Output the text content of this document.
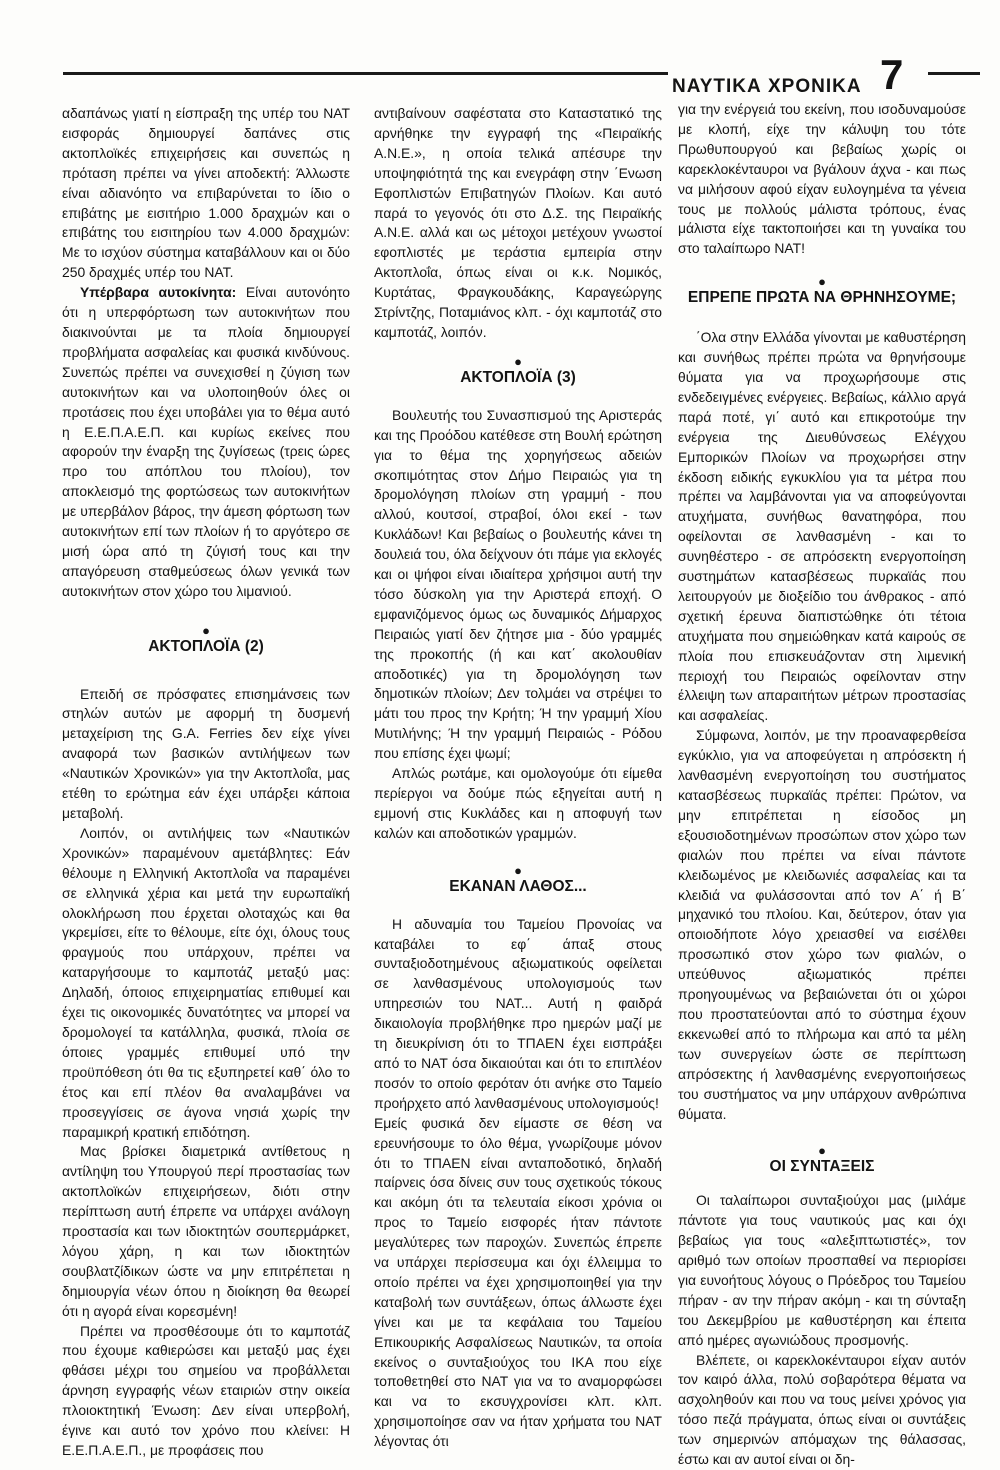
ΝΑΥΤΙΚΑ ΧΡΟΝΙΚΑ 7

αδαπάνως γιατί η είσπραξη της υπέρ του ΝΑΤ εισφοράς δημιουργεί δαπάνες στις ακτοπλοϊκές επιχειρήσεις και συνεπώς η πρόταση πρέπει να γίνει αποδεκτή: Άλλωστε είναι αδιανόητο να επιβαρύνεται το ίδιο ο επιβάτης με εισιτήριο 1.000 δραχμών και ο επιβάτης του εισιτηρίου των 4.000 δραχμών: Με το ισχύον σύστημα καταβάλλουν και οι δύο 250 δραχμές υπέρ του ΝΑΤ.

Υπέρβαρα αυτοκίνητα: Είναι αυτονόητο ότι η υπερφόρτωση των αυτοκινήτων που διακινούνται με τα πλοία δημιουργεί προβλήματα ασφαλείας και φυσικά κινδύνους. Συνεπώς πρέπει να συνεχισθεί η ζύγιση των αυτοκινήτων και να υλοποιηθούν όλες οι προτάσεις που έχει υποβάλει για το θέμα αυτό η Ε.Ε.Π.Α.Ε.Π. και κυρίως εκείνες που αφορούν την έναρξη της ζυγίσεως (τρεις ώρες προ του απόπλου του πλοίου), τον αποκλεισμό της φορτώσεως των αυτοκινήτων με υπερβάλον βάρος, την άμεση φόρτωση των αυτοκινήτων επί των πλοίων ή το αργότερο σε μισή ώρα από τη ζύγισή τους και την απαγόρευση σταθμεύσεως όλων γενικά των αυτοκινήτων στον χώρο του λιμανιού.

●

ΑΚΤΟΠΛΟΪΑ (2)

Επειδή σε πρόσφατες επισημάνσεις των στηλών αυτών με αφορμή τη δυσμενή μεταχείριση της G.A. Ferries δεν είχε γίνει αναφορά των βασικών αντιλήψεων των «Ναυτικών Χρονικών» για την Ακτοπλοΐα, μας ετέθη το ερώτημα εάν έχει υπάρξει κάποια μεταβολή.

Λοιπόν, οι αντιλήψεις των «Ναυτικών Χρονικών» παραμένουν αμετάβλητες: Εάν θέλουμε η Ελληνική Ακτοπλοΐα να παραμένει σε ελληνικά χέρια και μετά την ευρωπαϊκή ολοκλήρωση που έρχεται ολοταχώς και θα γκρεμίσει, είτε το θέλουμε, είτε όχι, όλους τους φραγμούς που υπάρχουν, πρέπει να καταργήσουμε το καμποτάζ μεταξύ μας: Δηλαδή, όποιος επιχειρηματίας επιθυμεί και έχει τις οικονομικές δυνατότητες να μπορεί να δρομολογεί τα κατάλληλα, φυσικά, πλοία σε όποιες γραμμές επιθυμεί υπό την προϋπόθεση ότι θα τις εξυπηρετεί καθ΄ όλο το έτος και επί πλέον θα αναλαμβάνει να προσεγγίσεις σε άγονα νησιά χωρίς την παραμικρή κρατική επιδότηση.

Μας βρίσκει διαμετρικά αντίθετους η αντίληψη του Υπουργού περί προστασίας των ακτοπλοϊκών επιχειρήσεων, διότι στην περίπτωση αυτή έπρεπε να υπάρχει ανάλογη προστασία και των ιδιοκτητών σουπερμάρκετ, λόγου χάρη, η και των ιδιοκτητών σουβλατζίδικων ώστε να μην επιτρέπεται η δημιουργία νέων όπου η διοίκηση θα θεωρεί ότι η αγορά είναι κορεσμένη!

Πρέπει να προσθέσουμε ότι το καμποτάζ που έχουμε καθιερώσει και μεταξύ μας έχει φθάσει μέχρι του σημείου να προβάλλεται άρνηση εγγραφής νέων εταιριών στην οικεία πλοιοκτητική Ένωση: Δεν είναι υπερβολή, έγινε και αυτό τον χρόνο που κλείνει: Η Ε.Ε.Π.Α.Ε.Π., με προφάσεις που

αντιβαίνουν σαφέστατα στο Καταστατικό της αρνήθηκε την εγγραφή της «Πειραϊκής Α.Ν.Ε.», η οποία τελικά απέσυρε την υποψηφιότητά της και ενεγράφη στην ΄Ενωση Εφοπλιστών Επιβατηγών Πλοίων. Και αυτό παρά το γεγονός ότι στο Δ.Σ. της Πειραϊκής Α.Ν.Ε. αλλά και ως μέτοχοι μετέχουν γνωστοί εφοπλιστές με τεράστια εμπειρία στην Ακτοπλοΐα, όπως είναι οι κ.κ. Νομικός, Κυρτάτας, Φραγκουδάκης, Καραγεώργης Στρίντζης, Ποταμιάνος κλπ. - όχι καμποτάζ στο καμποτάζ, λοιπόν.

●

ΑΚΤΟΠΛΟΪΑ (3)

Βουλευτής του Συνασπισμού της Αριστεράς και της Προόδου κατέθεσε στη Βουλή ερώτηση για το θέμα της χορηγήσεως αδειών σκοπιμότητας στον Δήμο Πειραιώς για τη δρομολόγηση πλοίων στη γραμμή - που αλλού, κουτσοί, στραβοί, όλοι εκεί - των Κυκλάδων! Και βεβαίως ο βουλευτής κάνει τη δουλειά του, όλα δείχνουν ότι πάμε για εκλογές και οι ψήφοι είναι ιδιαίτερα χρήσιμοι αυτή την τόσο δύσκολη για την Αριστερά εποχή. Ο εμφανιζόμενος όμως ως δυναμικός Δήμαρχος Πειραιώς γιατί δεν ζήτησε μια - δύο γραμμές της προκοπής (ή και κατ΄ ακολουθίαν αποδοτικές) για τη δρομολόγηση των δημοτικών πλοίων; Δεν τολμάει να στρέψει το μάτι του προς την Κρήτη; Ή την γραμμή Χίου Μυτιλήνης; Ή την γραμμή Πειραιώς - Ρόδου που επίσης έχει ψωμί;

Απλώς ρωτάμε, και ομολογούμε ότι είμεθα περίεργοι να δούμε πώς εξηγείται αυτή η εμμονή στις Κυκλάδες και η αποφυγή των καλών και αποδοτικών γραμμών.

●

ΕΚΑΝΑΝ ΛΑΘΟΣ...

Η αδυναμία του Ταμείου Προνοίας να καταβάλει το εφ΄ άπαξ στους συνταξιοδοτημένους αξιωματικούς οφείλεται σε λανθασμένους υπολογισμούς των υπηρεσιών του ΝΑΤ... Αυτή η φαιδρά δικαιολογία προβλήθηκε προ ημερών μαζί με τη διευκρίνιση ότι το ΤΠΑΕΝ έχει εισπράξει από το ΝΑΤ όσα δικαιούται και ότι το επιπλέον ποσόν το οποίο φερόταν ότι ανήκε στο Ταμείο προήρχετο από λανθασμένους υπολογισμούς!

Εμείς φυσικά δεν είμαστε σε θέση να ερευνήσουμε το όλο θέμα, γνωρίζουμε μόνον ότι το ΤΠΑΕΝ είναι ανταποδοτικό, δηλαδή παίρνεις όσα δίνεις συν τους σχετικούς τόκους και ακόμη ότι τα τελευταία είκοσι χρόνια οι προς το Ταμείο εισφορές ήταν πάντοτε μεγαλύτερες των παροχών. Συνεπώς έπρεπε να υπάρχει περίσσευμα και όχι έλλειμμα το οποίο πρέπει να έχει χρησιμοποιηθεί για την καταβολή των συντάξεων, όπως άλλωστε έχει γίνει και με τα κεφάλαια του Ταμείου Επικουρικής Ασφαλίσεως Ναυτικών, τα οποία εκείνος ο συνταξιούχος του ΙΚΑ που είχε τοποθετηθεί στο ΝΑΤ για να το αναμορφώσει και να το εκσυγχρονίσει κλπ. κλπ. χρησιμοποίησε σαν να ήταν χρήματα του ΝΑΤ λέγοντας ότι

για την ενέργειά του εκείνη, που ισοδυναμούσε με κλοπή, είχε την κάλυψη του τότε Πρωθυπουργού και βεβαίως χωρίς οι καρεκλοκένταυροι να βγάλουν άχνα - και πως να μιλήσουν αφού είχαν ευλογημένα τα γένεια τους με πολλούς μάλιστα τρόπους, ένας μάλιστα είχε τακτοποιήσει και τη γυναίκα του στο ταλαίπωρο ΝΑΤ!

●

ΕΠΡΕΠΕ ΠΡΩΤΑ ΝΑ ΘΡΗΝΗΣΟΥΜΕ;

΄Ολα στην Ελλάδα γίνονται με καθυστέρηση και συνήθως πρέπει πρώτα να θρηνήσουμε θύματα για να προχωρήσουμε στις ενδεδειγμένες ενέργειες. Βεβαίως, κάλλιο αργά παρά ποτέ, γι΄ αυτό και επικροτούμε την ενέργεια της Διευθύνσεως Ελέγχου Εμπορικών Πλοίων να προχωρήσει στην έκδοση ειδικής εγκυκλίου για τα μέτρα που πρέπει να λαμβάνονται για να αποφεύγονται ατυχήματα, συνήθως θανατηφόρα, που οφείλονται σε λανθασμένη - και το συνηθέστερο - σε απρόσεκτη ενεργοποίηση συστημάτων κατασβέσεως πυρκαϊάς που λειτουργούν με διοξείδιο του άνθρακος - από σχετική έρευνα διαπιστώθηκε ότι τέτοια ατυχήματα που σημειώθηκαν κατά καιρούς σε πλοία που επισκευάζονταν στη λιμενική περιοχή του Πειραιώς οφείλονταν στην έλλειψη των απαραιτήτων μέτρων προστασίας και ασφαλείας.

Σύμφωνα, λοιπόν, με την προαναφερθείσα εγκύκλιο, για να αποφεύγεται η απρόσεκτη ή λανθασμένη ενεργοποίηση του συστήματος κατασβέσεως πυρκαϊάς πρέπει: Πρώτον, να μην επιτρέπεται η είσοδος μη εξουσιοδοτημένων προσώπων στον χώρο των φιαλών που πρέπει να είναι πάντοτε κλειδωμένος με κλειδωνιές ασφαλείας και τα κλειδιά να φυλάσσονται από τον Α΄ ή Β΄ μηχανικό του πλοίου. Και, δεύτερον, όταν για οποιοδήποτε λόγο χρειασθεί να εισέλθει προσωπικό στον χώρο των φιαλών, ο υπεύθυνος αξιωματικός πρέπει προηγουμένως να βεβαιώνεται ότι οι χώροι που προστατεύονται από το σύστημα έχουν εκκενωθεί από το πλήρωμα και από τα μέλη των συνεργείων ώστε σε περίπτωση απρόσεκτης ή λανθασμένης ενεργοποιήσεως του συστήματος να μην υπάρχουν ανθρώπινα θύματα.

●

ΟΙ ΣΥΝΤΑΞΕΙΣ

Οι ταλαίπωροι συνταξιούχοι μας (μιλάμε πάντοτε για τους ναυτικούς μας και όχι βεβαίως για τους «αλεξιπτωτιστές», τον αριθμό των οποίων προσπαθεί να περιορίσει για ευνοήτους λόγους ο Πρόεδρος του Ταμείου πήραν - αν την πήραν ακόμη - και τη σύνταξη του Δεκεμβρίου με καθυστέρηση και έπειτα από ημέρες αγωνιώδους προσμονής.

Βλέπετε, οι καρεκλοκένταυροι είχαν αυτόν τον καιρό άλλα, πολύ σοβαρότερα θέματα να ασχοληθούν και που να τους μείνει χρόνος για τόσο πεζά πράγματα, όπως είναι οι συντάξεις των σημερινών απόμαχων της θάλασσας, έστω και αν αυτοί είναι οι δη-
